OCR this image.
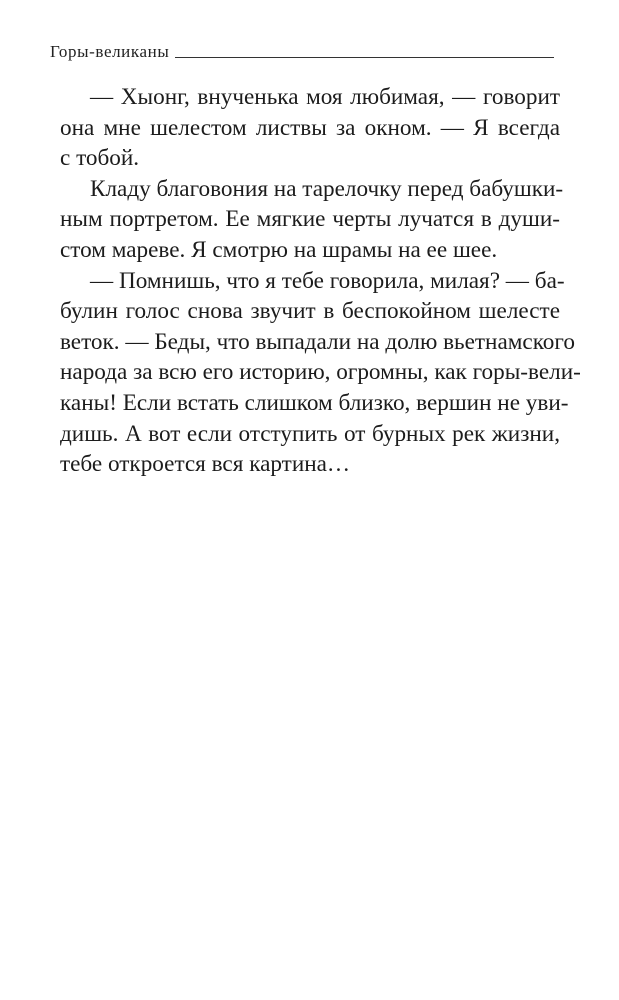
Горы-великаны
— Хыонг, внученька моя любимая, — говорит
она мне шелестом листвы за окном. — Я всегда
с тобой.
Кладу благовония на тарелочку перед бабушки-
ным портретом. Ее мягкие черты лучатся в души-
стом мареве. Я смотрю на шрамы на ее шее.
— Помнишь, что я тебе говорила, милая? — ба-
булин голос снова звучит в беспокойном шелесте
веток. — Беды, что выпадали на долю вьетнамского
народа за всю его историю, огромны, как горы-вели-
каны! Если встать слишком близко, вершин не уви-
дишь. А вот если отступить от бурных рек жизни,
тебе откроется вся картина…
